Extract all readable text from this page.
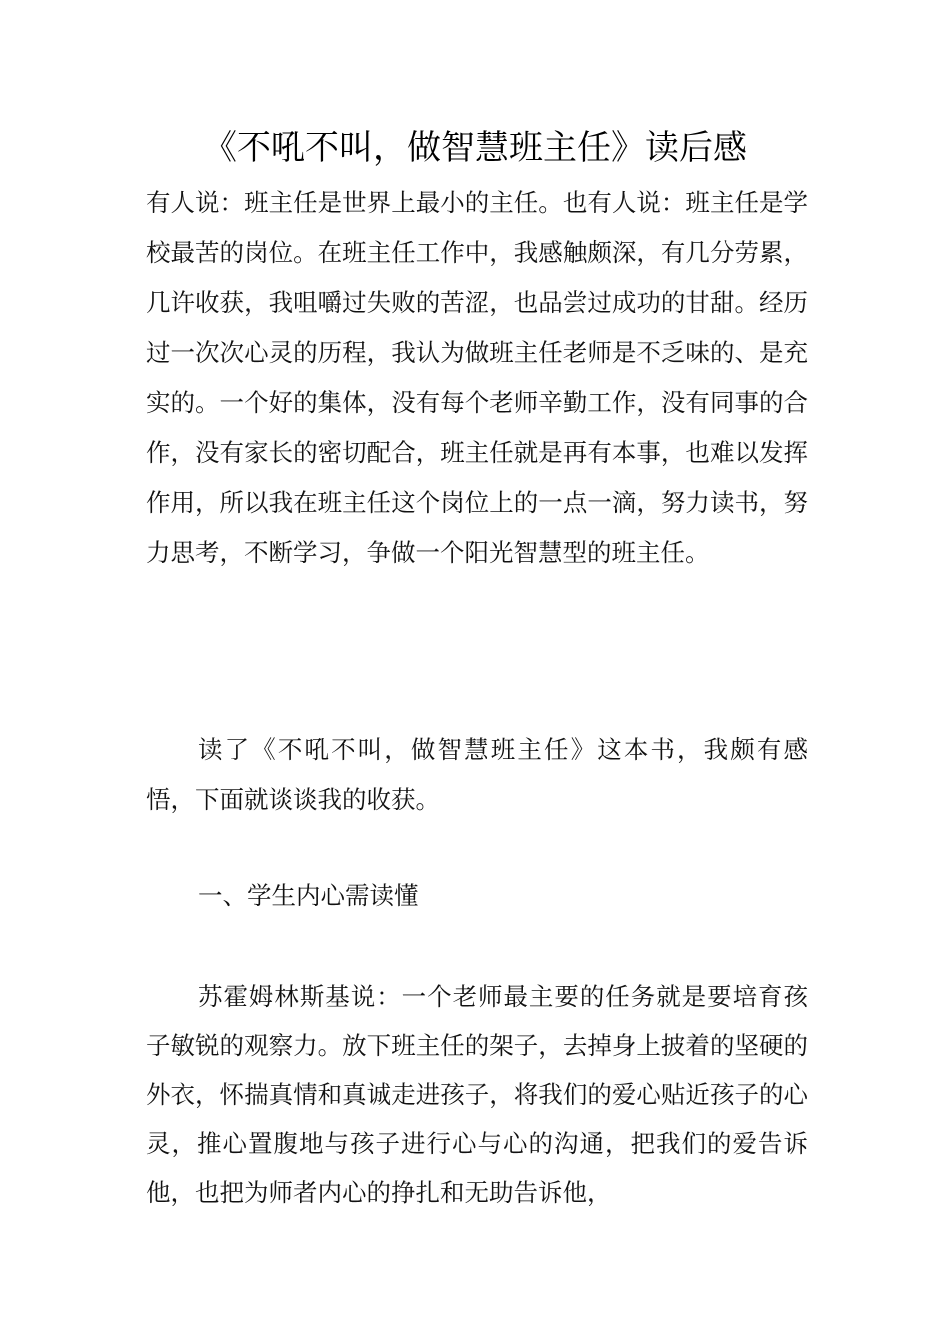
《不吼不叫，做智慧班主任》读后感

有人说：班主任是世界上最小的主任。也有人说：班主任是学校最苦的岗位。在班主任工作中，我感触颇深，有几分劳累，几许收获，我咀嚼过失败的苦涩，也品尝过成功的甘甜。经历过一次次心灵的历程，我认为做班主任老师是不乏味的、是充实的。一个好的集体，没有每个老师辛勤工作，没有同事的合作，没有家长的密切配合，班主任就是再有本事，也难以发挥作用，所以我在班主任这个岗位上的一点一滴，努力读书，努力思考，不断学习，争做一个阳光智慧型的班主任。

读了《不吼不叫，做智慧班主任》这本书，我颇有感悟，下面就谈谈我的收获。

一、学生内心需读懂

苏霍姆林斯基说：一个老师最主要的任务就是要培育孩子敏锐的观察力。放下班主任的架子，去掉身上披着的坚硬的外衣，怀揣真情和真诚走进孩子，将我们的爱心贴近孩子的心灵，推心置腹地与孩子进行心与心的沟通，把我们的爱告诉他，也把为师者内心的挣扎和无助告诉他，
